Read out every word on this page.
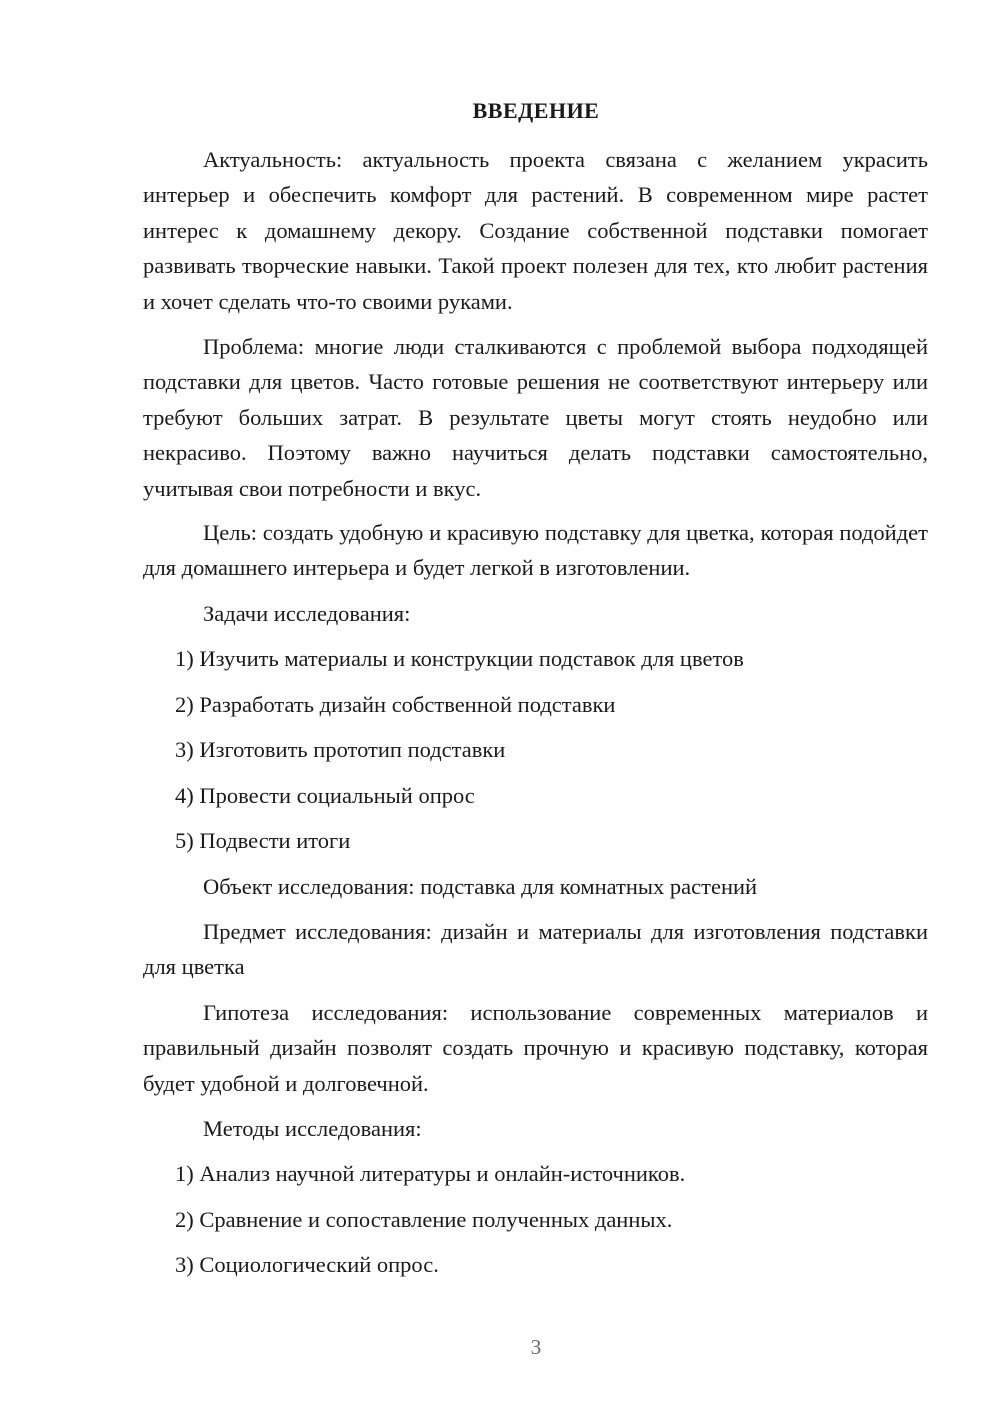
ВВЕДЕНИЕ

Актуальность: актуальность проекта связана с желанием украсить интерьер и обеспечить комфорт для растений. В современном мире растет интерес к домашнему декору. Создание собственной подставки помогает развивать творческие навыки. Такой проект полезен для тех, кто любит растения и хочет сделать что-то своими руками.

Проблема: многие люди сталкиваются с проблемой выбора подходящей подставки для цветов. Часто готовые решения не соответствуют интерьеру или требуют больших затрат. В результате цветы могут стоять неудобно или некрасиво. Поэтому важно научиться делать подставки самостоятельно, учитывая свои потребности и вкус.

Цель: создать удобную и красивую подставку для цветка, которая подойдет для домашнего интерьера и будет легкой в изготовлении.

Задачи исследования:

1) Изучить материалы и конструкции подставок для цветов

2) Разработать дизайн собственной подставки

3) Изготовить прототип подставки

4) Провести социальный опрос

5) Подвести итоги

Объект исследования: подставка для комнатных растений

Предмет исследования: дизайн и материалы для изготовления подставки для цветка

Гипотеза исследования: использование современных материалов и правильный дизайн позволят создать прочную и красивую подставку, которая будет удобной и долговечной.

Методы исследования:

1) Анализ научной литературы и онлайн-источников.

2) Сравнение и сопоставление полученных данных.

3) Социологический опрос.

3
